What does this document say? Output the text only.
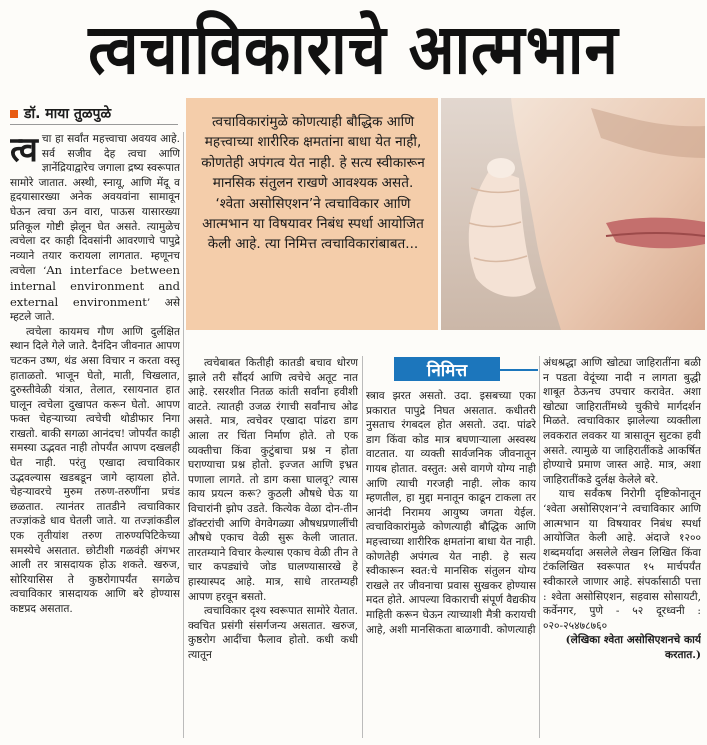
त्वचाविकाराचे आत्मभान
डॉ. माया तुळपुळे

त्व चा हा सर्वांत महत्त्वाचा अवयव आहे. सर्व सजीव देह त्वचा आणि ज्ञानेंद्रियाद्वारेच जगाला द्रष्य स्वरूपात सामोरे जातात. अस्थी, स्नायू, आणि मेंदू व हृदयासारख्या अनेक अवयवांना सामावून घेऊन त्वचा ऊन वारा, पाऊस यासारख्या प्रतिकूल गोष्टी झेलून घेत असते. त्यामुळेच त्वचेला दर काही दिवसांनी आवरणाचे पापुद्रे नव्याने तयार करायला लागतात. म्हणूनच त्वचेला ‘An interface between internal environment and external environment’ असे म्हटले जाते.

त्वचेला कायमच गौण आणि दुर्लक्षित स्थान दिले गेले जाते. दैनंदिन जीवनात आपण चटकन उष्ण, थंड असा विचार न करता वस्तू हाताळतो. भाजून घेतो, माती, चिखलात, दुरुस्तीवेळी यंत्रात, तेलात, रसायनात हात घालून त्वचेला दुखापत करून घेतो. आपण फक्त चेहऱ्याच्या त्वचेची थोडीफार निगा राखतो. बाकी सगळा आनंदच! जोपर्यंत काही समस्या उद्भवत नाही तोपर्यंत आपण दखलही घेत नाही. परंतु एखादा त्वचाविकार उद्भवल्यास खडबडून जागे व्हायला होते. चेहऱ्यावरचे मुरुम तरुण-तरुणींना प्रचंड छळतात. त्यानंतर तातडीने त्वचाविकार तज्ज्ञांकडे धाव घेतली जाते. या तज्ज्ञांकडील एक तृतीयांश तरुण तारुण्यपिटिकेच्या समस्येचे असतात. छोटीशी गळवंही अंगभर आली तर त्रासदायक होऊ शकते. खरुज, सोरियासिस ते कुष्ठरोगापर्यंत सगळेच त्वचाविकार त्रासदायक आणि बरे होण्यास कष्टप्रद असतात.

त्वचाविकारांमुळे कोणत्याही बौद्धिक आणि महत्त्वाच्या शारीरिक क्षमतांना बाधा येत नाही, कोणतेही अपंगत्व येत नाही. हे सत्य स्वीकारून मानसिक संतुलन राखणे आवश्यक असते. ‘श्वेता असोसिएशन’ने त्वचाविकार आणि आत्मभान या विषयावर निबंध स्पर्धा आयोजित केली आहे. त्या निमित्त त्वचाविकारांबाबत...
निमित्त

त्वचेबाबत कितीही कातडी बचाव धोरण झाले तरी सौंदर्य आणि त्वचेचे अतूट नात आहे. रसरशीत नितळ कांती सर्वांना हवीशी वाटते. त्यातही उजळ रंगाची सर्वांनाच ओढ असते. मात्र, त्वचेवर एखादा पांढरा डाग आला तर चिंता निर्माण होते. तो एक व्यक्तीचा किंवा कुटुंबाचा प्रश्न न होता घराण्याचा प्रश्न होतो. इज्जत आणि इभ्रत पणाला लागते. तो डाग कसा घालवू? त्यास काय प्रयत्न करू? कुठली औषधे घेऊ या विचारांनी झोप उडते. कित्येक वेळा दोन-तीन डॉक्टरांची आणि वेगवेगळ्या औषधप्रणालींची औषधे एकाच वेळी सुरू केली जातात. तारतम्याने विचार केल्यास एकाच वेळी तीन ते चार कपड्यांचे जोड घालण्यासारखे हे हास्यास्पद आहे. मात्र, साधे तारतम्यही आपण हरवून बसतो.

त्वचाविकार दृश्य स्वरूपात सामोरे येतात. क्वचित प्रसंगी संसर्गजन्य असतात. खरुज, कुष्ठरोग आदींचा फैलाव होतो. कधी कधी त्यातून

स्त्राव झरत असतो. उदा. इसबच्या एका प्रकारात पापुद्रे निघत असतात. कधीतरी नुसताच रंगबदल होत असतो. उदा. पांढरे डाग किंवा कोड मात्र बघणाऱ्याला अस्वस्थ वाटतात. या व्यक्ती सार्वजनिक जीवनातून गायब होतात. वस्तुत: असे वागणे योग्य नाही आणि त्याची गरजही नाही. लोक काय म्हणतील, हा मुद्दा मनातून काढून टाकला तर आनंदी निरामय आयुष्य जगता येईल. त्वचाविकारांमुळे कोणत्याही बौद्धिक आणि महत्त्वाच्या शारीरिक क्षमतांना बाधा येत नाही. कोणतेही अपंगत्व येत नाही. हे सत्य स्वीकारून स्वत:चे मानसिक संतुलन योग्य राखले तर जीवनाचा प्रवास सुखकर होण्यास मदत होते. आपल्या विकाराची संपूर्ण वैद्यकीय माहिती करून घेऊन त्याच्याशी मैत्री करायची आहे, अशी मानसिकता बाळगावी. कोणत्याही

अंधश्रद्धा आणि खोट्या जाहिरातींना बळी न पडता वेदूंच्या नादी न लागता बुद्धी शाबूत ठेऊनच उपचार करावेत. अशा खोट्या जाहिरातींमध्ये चुकीचे मार्गदर्शन मिळते. त्वचाविकार झालेल्या व्यक्तीला लवकरात लवकर या त्रासातून सुटका हवी असते. त्यामुळे या जाहिरातींकडे आकर्षित होण्याचे प्रमाण जास्त आहे. मात्र, अशा जाहिरातींकडे दुर्लक्ष केलेले बरे.

याच सर्वंकष निरोगी दृष्टिकोनातून ‘श्वेता असोसिएशन’ने त्वचाविकार आणि आत्मभान या विषयावर निबंध स्पर्धा आयोजित केली आहे. अंदाजे १२०० शब्दमर्यादा असलेले लेखन लिखित किंवा टंकलिखित स्वरूपात १५ मार्चपर्यंत स्वीकारले जाणार आहे. संपर्कासाठी पत्ता : श्वेता असोसिएशन, सहवास सोसायटी, कर्वेनगर, पुणे - ५२ दूरध्वनी : ०२०-२५४७८७६०

(लेखिका श्वेता असोसिएशनचे कार्य करतात.)
